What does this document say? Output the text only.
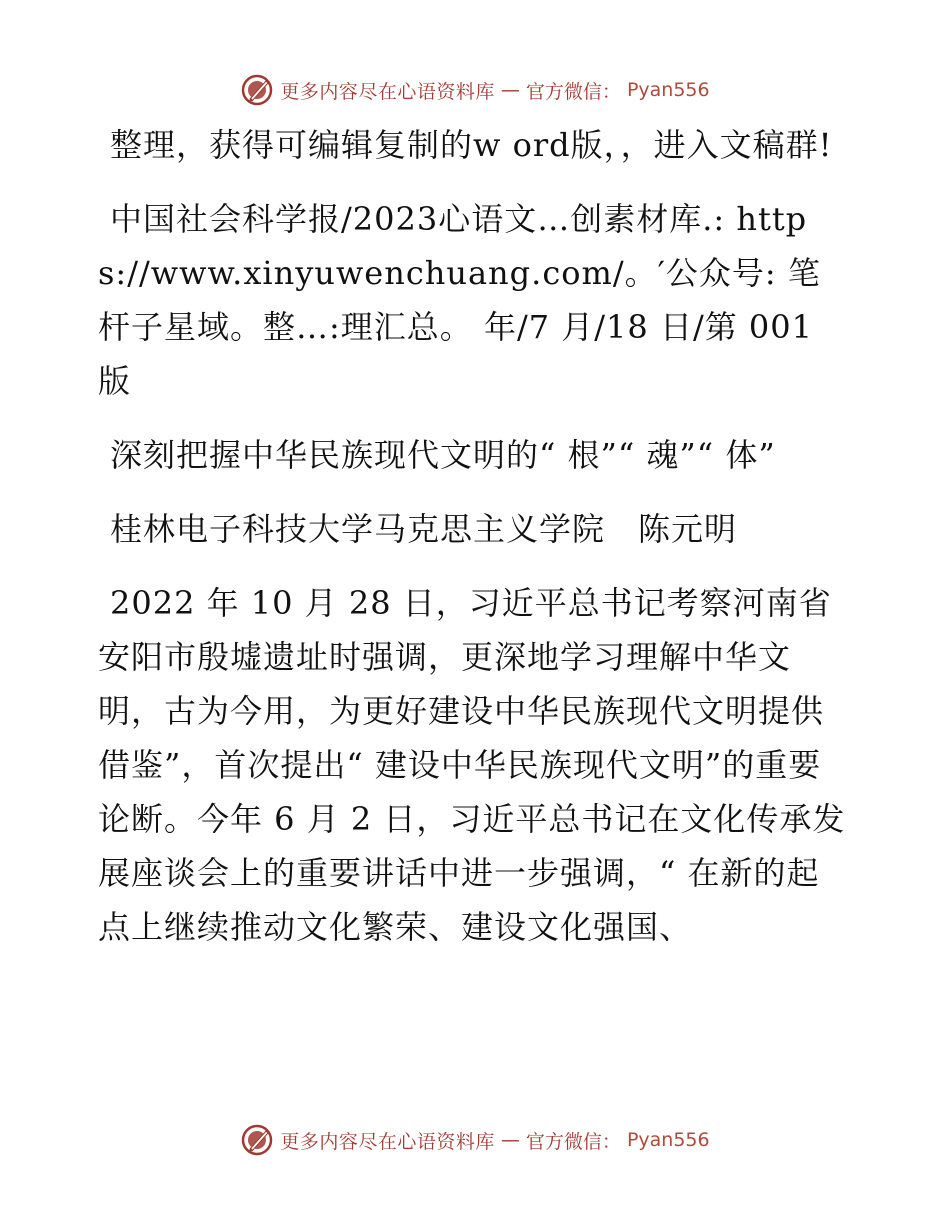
更多内容尽在心语资料库 — 官方微信： Pyan556

整理，获得可编辑复制的w ord版，，进入文稿群!

中国社会科学报/2023心语文…创素材库.: https://www.xinyuwenchuang.com/。′公众号: 笔杆子星域。整…:理汇总。 年/7 月/18 日/第 001 版

深刻把握中华民族现代文明的“ 根”“ 魂”“ 体”

桂林电子科技大学马克思主义学院　陈元明

2022 年 10 月 28 日，习近平总书记考察河南省安阳市殷墟遗址时强调，更深地学习理解中华文明，古为今用，为更好建设中华民族现代文明提供借鉴”，首次提出“ 建设中华民族现代文明”的重要论断。今年 6 月 2 日，习近平总书记在文化传承发展座谈会上的重要讲话中进一步强调，“ 在新的起点上继续推动文化繁荣、建设文化强国、

更多内容尽在心语资料库 — 官方微信： Pyan556
